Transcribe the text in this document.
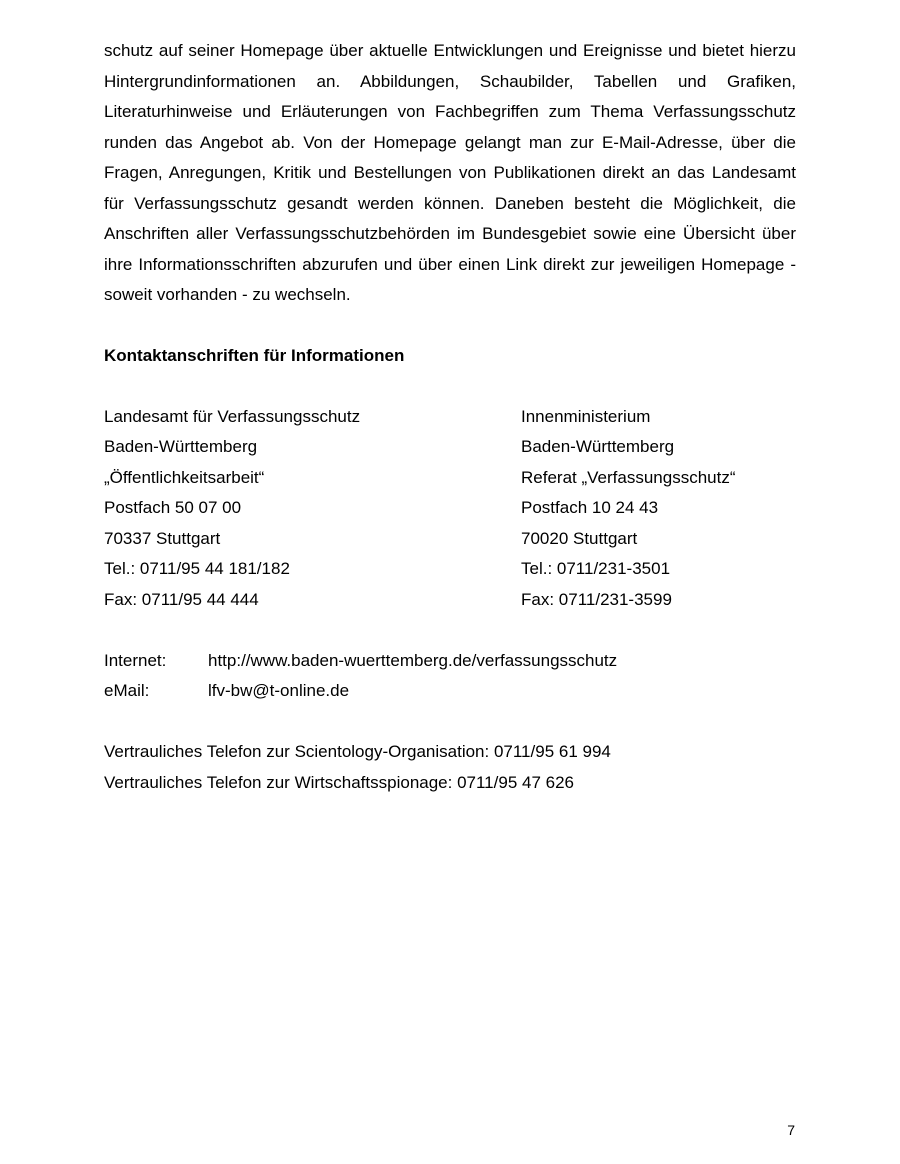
schutz auf seiner Homepage über aktuelle Entwicklungen und Ereignisse und bietet hierzu Hintergrundinformationen an. Abbildungen, Schaubilder, Tabellen und Grafiken, Literaturhinweise und Erläuterungen von Fachbegriffen zum Thema Verfassungsschutz runden das Angebot ab. Von der Homepage gelangt man zur E-Mail-Adresse, über die Fragen, Anregungen, Kritik und Bestellungen von Publikationen direkt an das Landesamt für Verfassungsschutz gesandt werden können. Daneben besteht die Möglichkeit, die Anschriften aller Verfassungsschutzbehörden im Bundesgebiet sowie eine Übersicht über ihre Informationsschriften abzurufen und über einen Link direkt zur jeweiligen Homepage - soweit vorhanden - zu wechseln.

Kontaktanschriften für Informationen
Landesamt für Verfassungsschutz
Baden-Württemberg
„Öffentlichkeitsarbeit“
Postfach 50 07 00
70337 Stuttgart
Tel.: 0711/95 44 181/182
Fax: 0711/95 44 444
Innenministerium
Baden-Württemberg
Referat „Verfassungsschutz“
Postfach 10 24 43
70020 Stuttgart
Tel.: 0711/231-3501
Fax: 0711/231-3599
Internet:	http://www.baden-wuerttemberg.de/verfassungsschutz
eMail:	lfv-bw@t-online.de
Vertrauliches Telefon zur Scientology-Organisation: 0711/95 61 994
Vertrauliches Telefon zur Wirtschaftsspionage: 0711/95 47 626
7
